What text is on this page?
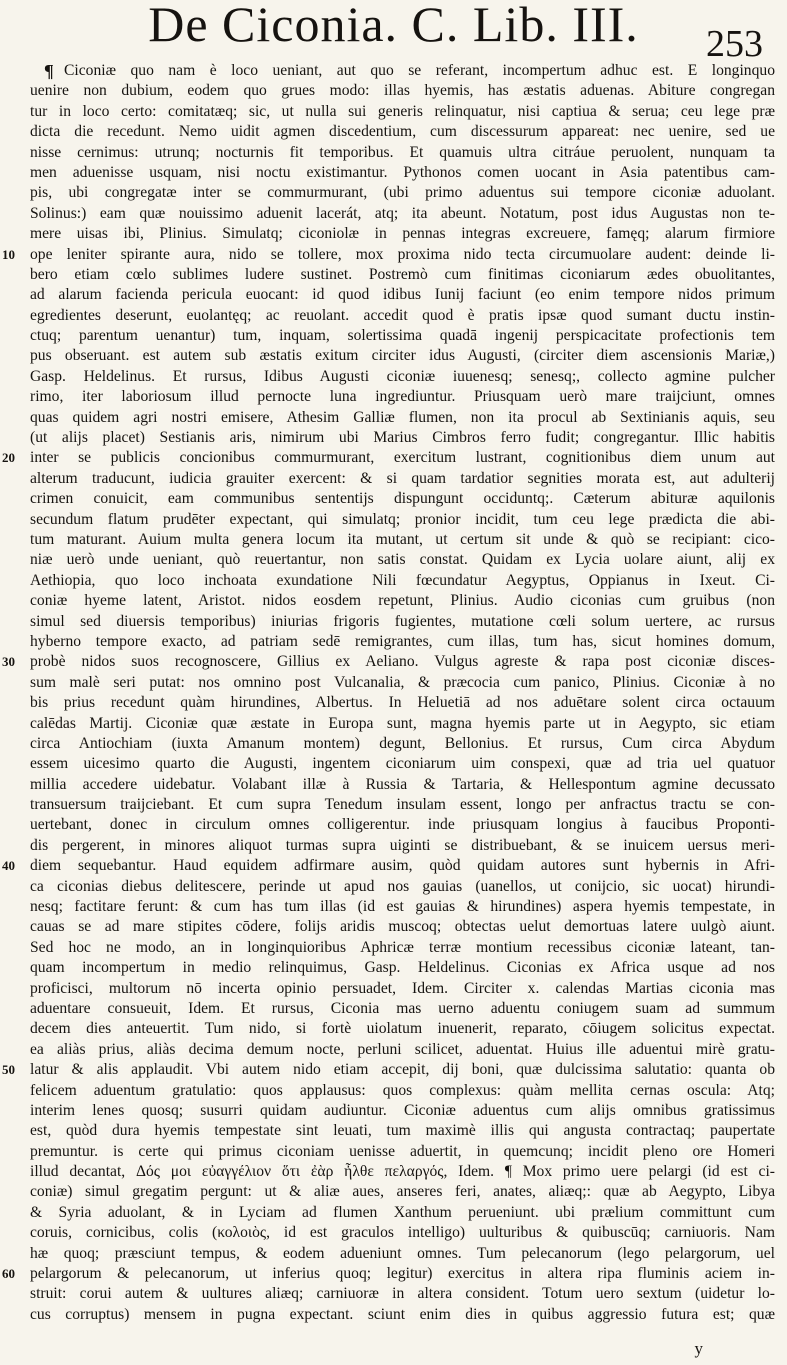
De Ciconia. C. Lib. III.	253
¶ Ciconiæ quo nam è loco ueniant, aut quo se referant, incompertum adhuc est. E longinquo
uenire non dubium, eodem quo grues modo: illas hyemis, has æstatis aduenas. Abiture congregan
tur in loco certo: comitatæq; sic, ut nulla sui generis relinquatur, nisi captiua & serua; ceu lege præ
dicta die recedunt. Nemo uidit agmen discedentium, cum discessurum appareat: nec uenire, sed ue
nisse cernimus: utrunq; nocturnis fit temporibus. Et quamuis ultra citráue peruolent, nunquam ta
men aduenisse usquam, nisi noctu existimantur. Pythonos comen uocant in Asia patentibus cam-
pis, ubi congregatæ inter se commurmurant, (ubi primo aduentus sui tempore ciconiæ aduolant.
Solinus:) eam quæ nouissimo aduenit lacerát, atq; ita abeunt. Notatum, post idus Augustas non te-
mere uisas ibi, Plinius. Simulatq; ciconiolæ in pennas integras excreuere, famęq; alarum firmiore
10 ope leniter spirante aura, nido se tollere, mox proxima nido tecta circumuolare audent: deinde li-
bero etiam cœlo sublimes ludere sustinet. Postremò cum finitimas ciconiarum ædes obuolitantes,
ad alarum facienda pericula euocant: id quod idibus Iunij faciunt (eo enim tempore nidos primum
egredientes deserunt, euolantęq; ac reuolant. accedit quod è pratis ipsæ quod sumant ductu instin-
ctuq; parentum uenantur) tum, inquam, solertissima quadā ingenij perspicacitate profectionis tem
pus obseruant. est autem sub æstatis exitum circiter idus Augusti, (circiter diem ascensionis Mariæ,)
Gasp. Heldelinus. Et rursus, Idibus Augusti ciconiæ iuuenesq; senesq;, collecto agmine pulcher
rimo, iter laboriosum illud pernocte luna ingrediuntur. Priusquam uerò mare traijciunt, omnes
quas quidem agri nostri emisere, Athesim Galliæ flumen, non ita procul ab Sextinianis aquis, seu
(ut alijs placet) Sestianis aris, nimirum ubi Marius Cimbros ferro fudit; congregantur. Illic habitis
20 inter se publicis concionibus commurmurant, exercitum lustrant, cognitionibus diem unum aut
alterum traducunt, iudicia grauiter exercent: & si quam tardatior segnities morata est, aut adulterij
crimen conuicit, eam communibus sententijs dispungunt occiduntq;. Cæterum abituræ aquilonis
secundum flatum prudēter expectant, qui simulatq; pronior incidit, tum ceu lege prædicta die abi-
tum maturant. Auium multa genera locum ita mutant, ut certum sit unde & quò se recipiant: cico-
niæ uerò unde ueniant, quò reuertantur, non satis constat. Quidam ex Lycia uolare aiunt, alij ex
Aethiopia, quo loco inchoata exundatione Nili fœcundatur Aegyptus, Oppianus in Ixeut. Ci-
coniæ hyeme latent, Aristot. nidos eosdem repetunt, Plinius. Audio ciconias cum gruibus (non
simul sed diuersis temporibus) iniurias frigoris fugientes, mutatione cœli solum uertere, ac rursus
hyberno tempore exacto, ad patriam sedē remigrantes, cum illas, tum has, sicut homines domum,
30 probè nidos suos recognoscere, Gillius ex Aeliano. Vulgus agreste & rapa post ciconiæ disces-
sum malè seri putat: nos omnino post Vulcanalia, & præcocia cum panico, Plinius. Ciconiæ à no
bis prius recedunt quàm hirundines, Albertus. In Heluetiā ad nos aduētare solent circa octauum
calēdas Martij. Ciconiæ quæ æstate in Europa sunt, magna hyemis parte ut in Aegypto, sic etiam
circa Antiochiam (iuxta Amanum montem) degunt, Bellonius. Et rursus, Cum circa Abydum
essem uicesimo quarto die Augusti, ingentem ciconiarum uim conspexi, quæ ad tria uel quatuor
millia accedere uidebatur. Volabant illæ à Russia & Tartaria, & Hellespontum agmine decussato
transuersum traijciebant. Et cum supra Tenedum insulam essent, longo per anfractus tractu se con-
uertebant, donec in circulum omnes colligerentur. inde priusquam longius à faucibus Proponti-
dis pergerent, in minores aliquot turmas supra uiginti se distribuebant, & se inuicem uersus meri-
40 diem sequebantur. Haud equidem adfirmare ausim, quòd quidam autores sunt hybernis in Afri-
ca ciconias diebus delitescere, perinde ut apud nos gauias (uanellos, ut conijcio, sic uocat) hirundi-
nesq; factitare ferunt: & cum has tum illas (id est gauias & hirundines) aspera hyemis tempestate, in
cauas se ad mare stipites cōdere, folijs aridis muscoq; obtectas uelut demortuas latere uulgò aiunt.
Sed hoc ne modo, an in longinquioribus Aphricæ terræ montium recessibus ciconiæ lateant, tan-
quam incompertum in medio relinquimus, Gasp. Heldelinus. Ciconias ex Africa usque ad nos
proficisci, multorum nō incerta opinio persuadet, Idem. Circiter x. calendas Martias ciconia mas
aduentare consueuit, Idem. Et rursus, Ciconia mas uerno aduentu coniugem suam ad summum
decem dies anteuertit. Tum nido, si fortè uiolatum inuenerit, reparato, cōiugem solicitus expectat.
ea aliàs prius, aliàs decima demum nocte, perluni scilicet, aduentat. Huius ille aduentui mirè gratu-
50 latur & alis applaudit. Vbi autem nido etiam accepit, dij boni, quæ dulcissima salutatio: quanta ob
felicem aduentum gratulatio: quos applausus: quos complexus: quàm mellita cernas oscula: Atq;
interim lenes quosq; susurri quidam audiuntur. Ciconiæ aduentus cum alijs omnibus gratissimus
est, quòd dura hyemis tempestate sint leuati, tum maximè illis qui angusta contractaq; paupertate
premuntur. is certe qui primus ciconiam uenisse aduertit, in quemcunq; incidit pleno ore Homeri
illud decantat, Δός μοι εὐαγγέλιον ὅτι ἐὰρ ἦλθε πελαργός, Idem. ¶ Mox primo uere pelargi (id est ci-
coniæ) simul gregatim pergunt: ut & aliæ aues, anseres feri, anates, aliæq;: quæ ab Aegypto, Libya
& Syria aduolant, & in Lyciam ad flumen Xanthum perueniunt. ubi prælium committunt cum
coruis, cornicibus, colis (κολοιὸς, id est graculos intelligo) uulturibus & quibuscūq; carniuoris. Nam
hæ quoq; præsciunt tempus, & eodem adueniunt omnes. Tum pelecanorum (lego pelargorum, uel
60 pelargorum & pelecanorum, ut inferius quoq; legitur) exercitus in altera ripa fluminis aciem in-
struit: corui autem & uultures aliæq; carniuoræ in altera consident. Totum uero sextum (uidetur lo-
cus corruptus) mensem in pugna expectant. sciunt enim dies in quibus aggressio futura est; quæ
y
